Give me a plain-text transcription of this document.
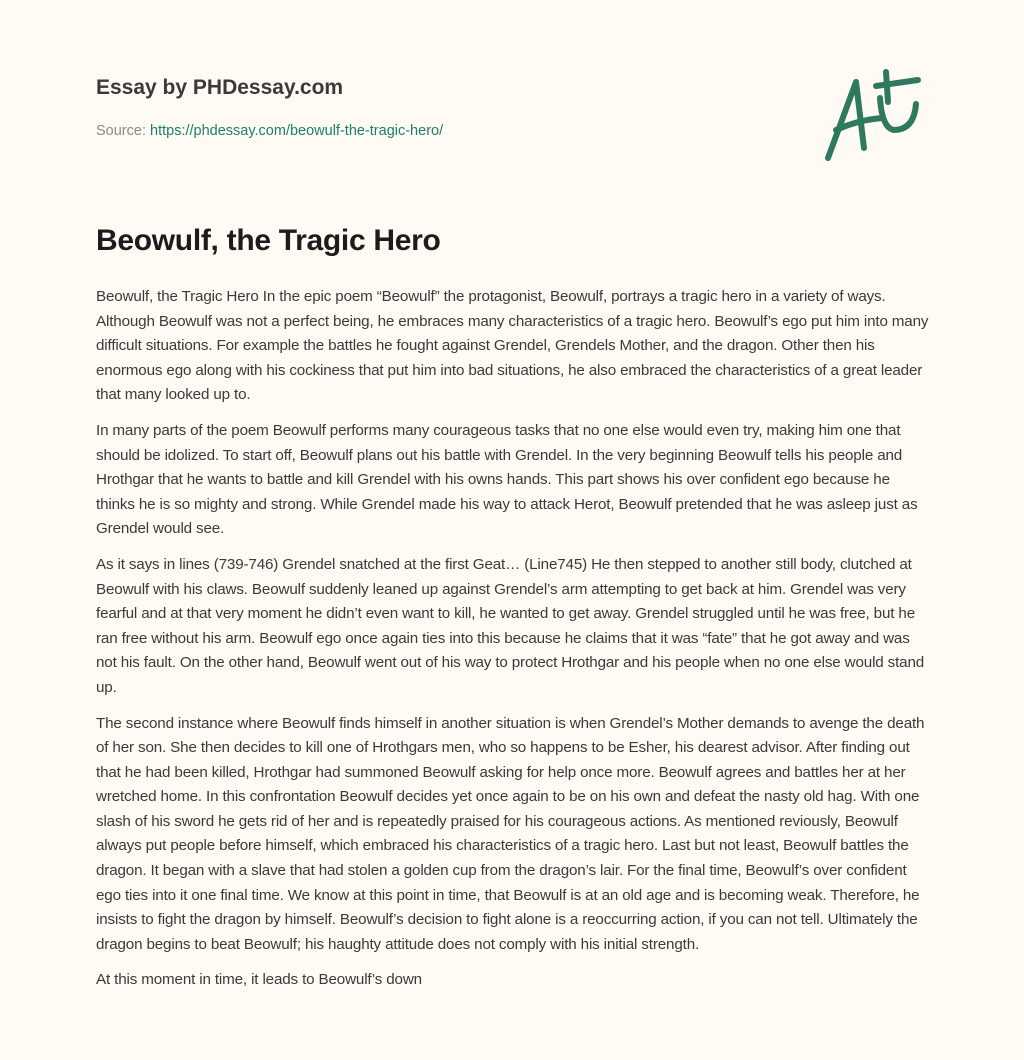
Essay by PHDessay.com
Source: https://phdessay.com/beowulf-the-tragic-hero/
Beowulf, the Tragic Hero

Beowulf, the Tragic Hero In the epic poem “Beowulf” the protagonist, Beowulf, portrays a tragic hero in a variety of ways. Although Beowulf was not a perfect being, he embraces many characteristics of a tragic hero. Beowulf’s ego put him into many difficult situations. For example the battles he fought against Grendel, Grendels Mother, and the dragon. Other then his enormous ego along with his cockiness that put him into bad situations, he also embraced the characteristics of a great leader that many looked up to.

In many parts of the poem Beowulf performs many courageous tasks that no one else would even try, making him one that should be idolized. To start off, Beowulf plans out his battle with Grendel. In the very beginning Beowulf tells his people and Hrothgar that he wants to battle and kill Grendel with his owns hands. This part shows his over confident ego because he thinks he is so mighty and strong. While Grendel made his way to attack Herot, Beowulf pretended that he was asleep just as Grendel would see.

As it says in lines (739-746) Grendel snatched at the first Geat… (Line745) He then stepped to another still body, clutched at Beowulf with his claws. Beowulf suddenly leaned up against Grendel’s arm attempting to get back at him. Grendel was very fearful and at that very moment he didn’t even want to kill, he wanted to get away. Grendel struggled until he was free, but he ran free without his arm. Beowulf ego once again ties into this because he claims that it was “fate” that he got away and was not his fault. On the other hand, Beowulf went out of his way to protect Hrothgar and his people when no one else would stand up.

The second instance where Beowulf finds himself in another situation is when Grendel’s Mother demands to avenge the death of her son. She then decides to kill one of Hrothgars men, who so happens to be Esher, his dearest advisor. After finding out that he had been killed, Hrothgar had summoned Beowulf asking for help once more. Beowulf agrees and battles her at her wretched home. In this confrontation Beowulf decides yet once again to be on his own and defeat the nasty old hag. With one slash of his sword he gets rid of her and is repeatedly praised for his courageous actions. As mentioned reviously, Beowulf always put people before himself, which embraced his characteristics of a tragic hero. Last but not least, Beowulf battles the dragon. It began with a slave that had stolen a golden cup from the dragon’s lair. For the final time, Beowulf’s over confident ego ties into it one final time. We know at this point in time, that Beowulf is at an old age and is becoming weak. Therefore, he insists to fight the dragon by himself. Beowulf’s decision to fight alone is a reoccurring action, if you can not tell. Ultimately the dragon begins to beat Beowulf; his haughty attitude does not comply with his initial strength.

At this moment in time, it leads to Beowulf’s down
